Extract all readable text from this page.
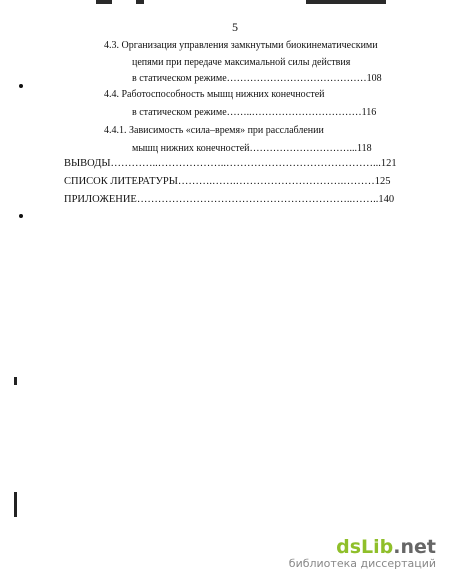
5
4.3. Организация управления замкнутыми биокинематическими
цепями при передаче максимальной силы действия
в статическом режиме……………………………………108
4.4. Работоспособность мышц нижних конечностей
в статическом режиме……..……………………………116
4.4.1. Зависимость «сила–время» при расслаблении
мышц нижних конечностей…………………………...118
ВЫВОДЫ…………..………………..……………………………………...121
СПИСОК ЛИТЕРАТУРЫ……….…….………………………….………125
ПРИЛОЖЕНИЕ……………………………………………………..……..140
dsLib.net
библиотека диссертаций
